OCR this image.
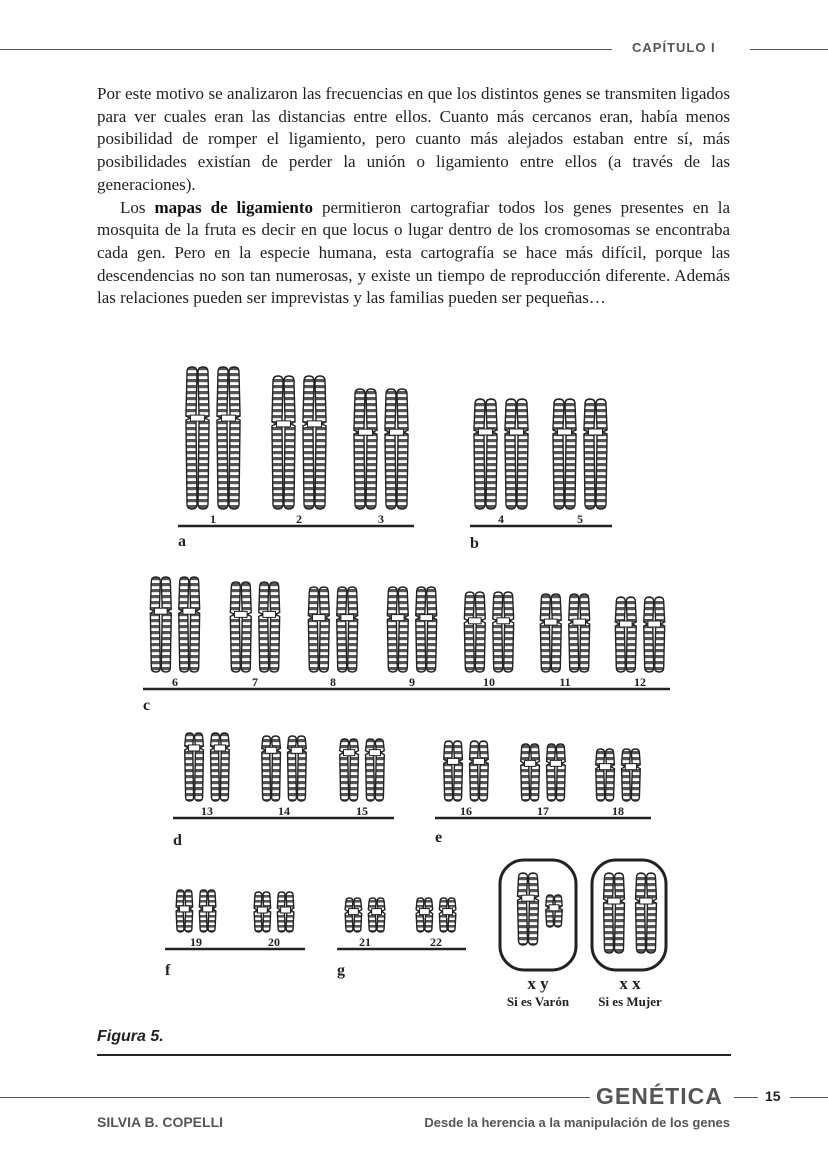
CAPÍTULO I

Por este motivo se analizaron las frecuencias en que los distintos genes se transmiten ligados para ver cuales eran las distancias entre ellos. Cuanto más cercanos eran, había menos posibilidad de romper el ligamiento, pero cuanto más alejados estaban entre sí, más posibilidades existían de perder la unión o ligamiento entre ellos (a través de las generaciones).

Los mapas de ligamiento permitieron cartografiar todos los genes presentes en la mosquita de la fruta es decir en que locus o lugar dentro de los cromosomas se encontraba cada gen. Pero en la especie humana, esta cartografía se hace más difícil, porque las descendencias no son tan numerosas, y existe un tiempo de reproducción diferente. Además las relaciones pueden ser imprevistas y las familias pueden ser pequeñas…

1	2	3
a
4	5
b
6	7	8	9	10	11	12
c
13	14	15
d
16	17	18
e
19	20
f
21	22
g
x y
Si es Varón
x x
Si es Mujer
Figura 5.
GENÉTICA	15
SILVIA B. COPELLI	Desde la herencia a la manipulación de los genes
